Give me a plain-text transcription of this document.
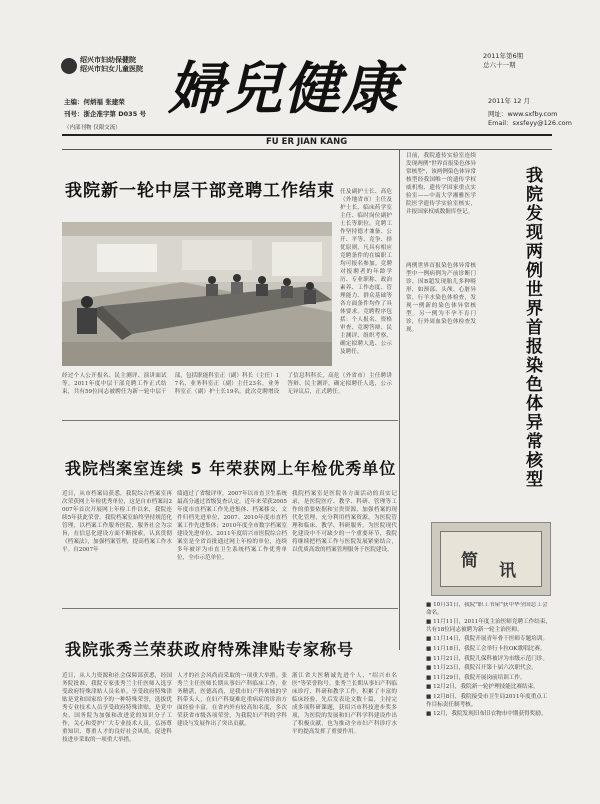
绍兴市妇幼保健院
绍兴市妇女儿童医院
主编：何炳福 张建荣
刊号：浙企准字第 D035 号
（内部刊物 仅限交流）
婦兒健康
FU ER JIAN KANG
2011年第6期
总六十一期
2011年 12 月
网址：www.sxfby.com
Email：sxsfeyy@126.com
我院新一轮中层干部竞聘工作结束 任及副护士长、高危（外地省市）主任及护士长、临床药学室主任、临时岗位副护士长等职位。竞聘工作坚持德才兼备、公开、平等、竞争、择优原则，凡具有相应竞聘条件的在编职工均可报名参加。竞聘对报聘者的年龄学历、专业职称、政治素养、工作态度、管理能力、群众基础等各方面条件均作了具体要求。竞聘程序包括：个人报名、资格审查、竞聘答辩、民主测评、组织考察、确定拟聘人选、公示及聘任。
经过个人公开报名、民主测评、演讲面试等，2011年度中层干部竞聘工作正式结束，共有59位同志被聘任为新一轮中层干部，包括职能科室正（副）科长（主任）17名，业务科室正（副）主任23名，业务科室正（副）护士长19名。此次竞聘增设了信息科科长，高危（外省市）主任聘讲答辩、民主测评，确定拟聘任人选，公示无异议后，正式聘任。
目前，我院遗传实验室连续发现两例"世界首报染色体异常核型"，该两例染色体异常核型经我国唯一的遗传学权威机构、遗传学国家重点实验室——中南大学湘雅医学院医学遗传学实验室核实，并报国家权威数据库登记。
两例世界首报染色体异常核型中一例病例为产前诊断门诊，因B超发现胎儿多种畸形，如颈部、头颅、心脏异常，行羊水染色体检查，发现一例新的染色体异常核型。另一例为不孕不育门诊，行外周血染色体检查发现。	我院发现两例世界首报染色体异常核型
我院档案室连续 5 年荣获网上年检优秀单位
近日，从市档案局获悉，我院综合档案室再次荣获网上年检优秀单位，这是自市档案局2007年首次开展网上年检工作以来，我院连续5年获此荣誉。我院档案室始终坚持规范化管理，以档案工作服务医院、服务社会为宗旨，在信息化建设方面不断探索，认真贯彻《档案法》，加强档案管理，提高档案工作水平。自2007年
绩通过了省级评审，2007年以市直卫生系统最高分通过省级复查认定，近年来荣获2005年度市直档案工作先进集体、档案移交、文件归档先进单位，2007、2010年度市直档案工作先进集体；2010年度全市数字档案室建设先进单位、2011年度绍兴市医院综合档案室是全省首批通过网上年检的单位，连续多年被评为市直卫生系统档案工作优秀单位，全市示范单位。
我院档案室是医院各方面活动的真实记录，是医院医疗、教学、科研、管理等工作的重要依据和宝贵资源，加强档案的现代化管理，充分利用档案资源，为医院管理和临床、教学、科研服务，为医院现代化建设中不可缺少的一个重要环节，我院将继续把档案工作与医院发展紧密结合，以优质高效的档案管理服务于医院建设。
我院张秀兰荣获政府特殊津贴专家称号
近日，从人力资源和社会保障部获悉，经国务院批准，我院专家张秀兰主任医师入选享受政府特殊津贴人员名单。享受政府特殊津贴是党和国家给予的一种特殊荣誉，选拔优秀专业技术人员享受政府特殊津贴，是党中央、国务院为加强和改进党的知识分子工作，关心和爱护广大专业技术人员，弘扬尊重知识、尊重人才的良好社会风尚，促进科技进步采取的一项重大举措。
人才的社会风尚而采取的一项重大举措。张秀兰主任医师长期从事妇产科临床工作，业务精湛，医德高尚，是我市妇产科领域的学科带头人，在妇产科疑难危重病症的诊治方面经验丰富，在省内外有较高知名度，多次荣获省市级各项荣誉，为我院妇产科的学科建设与发展作出了突出贡献。
浙江省大医精诚先进个人、"绍兴市名医"等荣誉称号。张秀兰长期从事妇产科临床诊疗、科研和教学工作，积累了丰富的临床经验，先后发表论文数十篇，主持完成多项科研课题，获绍兴市科技进步奖多项，为医院的发展和妇产科学科建设作出了积极贡献，也为推动全市妇产科诊疗水平的提高发挥了重要作用。
简 讯
■ 10月31日，我院"职工书屋"获中华全国总工会命名。
■ 11月11日，2011年度主治医师竞聘工作结束，共有18位同志被聘为新一轮主治医师。
■ 11月14日，我院开展青年骨干医师专题培训。
■ 11月18日，我院工会举行卡拉OK歌唱比赛。
■ 11月21日，我院儿保科被评为市级示范门诊。
■ 11月23日，我院召开第十届六次职代会。
■ 11月29日，我院开展岗前培训工作。
■ 12月2日，我院新一轮护理技能比赛结束。
■ 12月8日，我院接受市卫生局2011年度重点工作目标责任制考核。
■ 12月，我院发现旧布旧衣物市中期获得奖励。
